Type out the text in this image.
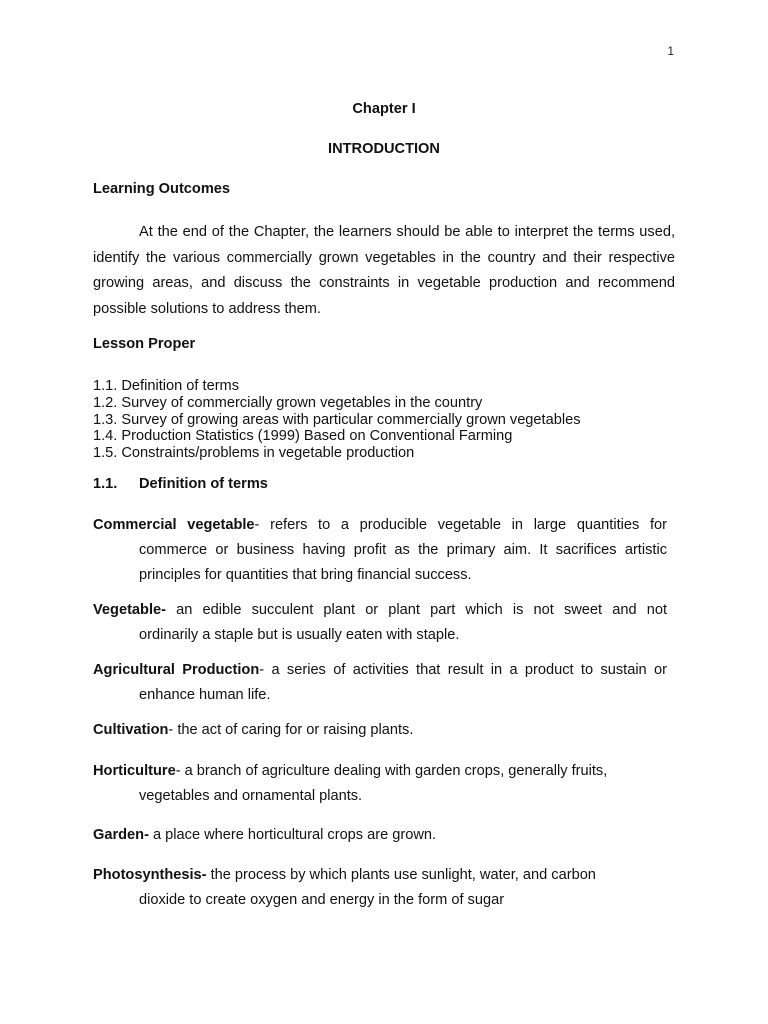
1
Chapter I
INTRODUCTION
Learning Outcomes
At the end of the Chapter, the learners should be able to interpret the terms used, identify the various commercially grown vegetables in the country and their respective growing areas, and discuss the constraints in vegetable production and recommend possible solutions to address them.
Lesson Proper
1.1. Definition of terms
1.2. Survey of commercially grown vegetables in the country
1.3. Survey of growing areas with particular commercially grown vegetables
1.4. Production Statistics (1999) Based on Conventional Farming
1.5. Constraints/problems in vegetable production
1.1. Definition of terms
Commercial vegetable- refers to a producible vegetable in large quantities for
commerce or business having profit as the primary aim. It sacrifices artistic
principles for quantities that bring financial success.
Vegetable- an edible succulent plant or plant part which is not sweet and not
ordinarily a staple but is usually eaten with staple.
Agricultural Production- a series of activities that result in a product to sustain or
enhance human life.
Cultivation- the act of caring for or raising plants.
Horticulture- a branch of agriculture dealing with garden crops, generally fruits,
vegetables and ornamental plants.
Garden- a place where horticultural crops are grown.
Photosynthesis- the process by which plants use sunlight, water, and carbon
dioxide to create oxygen and energy in the form of sugar
